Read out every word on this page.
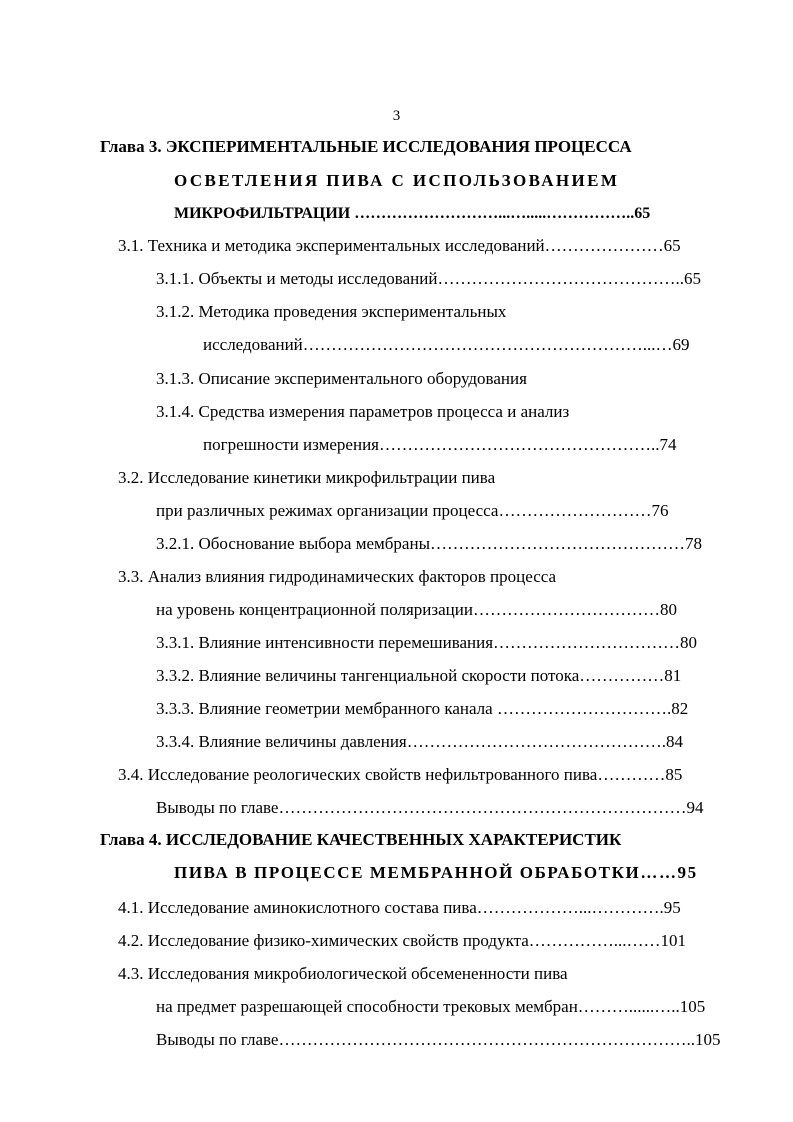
3
Глава 3. ЭКСПЕРИМЕНТАЛЬНЫЕ ИССЛЕДОВАНИЯ ПРОЦЕССА
ОСВЕТЛЕНИЯ ПИВА С ИСПОЛЬЗОВАНИЕМ
МИКРОФИЛЬТРАЦИИ ………………………...….....……………..65
3.1. Техника и методика экспериментальных исследований…………………65
3.1.1. Объекты и методы исследований……………………………………..65
3.1.2. Методика проведения экспериментальных
исследований……………………………………………………...…69
3.1.3. Описание экспериментального оборудования
3.1.4. Средства измерения параметров процесса и анализ
погрешности измерения…………………………………………..74
3.2. Исследование кинетики микрофильтрации пива
при различных режимах организации процесса………………………76
3.2.1. Обоснование выбора мембраны………………………………………78
3.3. Анализ влияния гидродинамических факторов процесса
на уровень концентрационной поляризации……………………………80
3.3.1. Влияние интенсивности перемешивания……………………………80
3.3.2. Влияние величины тангенциальной скорости потока……………81
3.3.3. Влияние геометрии мембранного канала ………………………….82
3.3.4. Влияние величины давления……………………………………….84
3.4. Исследование реологических свойств нефильтрованного пива…………85
Выводы по главе………………………………………………………………94
Глава 4. ИССЛЕДОВАНИЕ КАЧЕСТВЕННЫХ ХАРАКТЕРИСТИК
ПИВА В ПРОЦЕССЕ МЕМБРАННОЙ ОБРАБОТКИ……95
4.1. Исследование аминокислотного состава пива………………...………….95
4.2. Исследование физико-химических свойств продукта……………...……101
4.3. Исследования микробиологической обсемененности пива
на предмет разрешающей способности трековых мембран………......…..105
Выводы по главе………………………………………………………………..105
